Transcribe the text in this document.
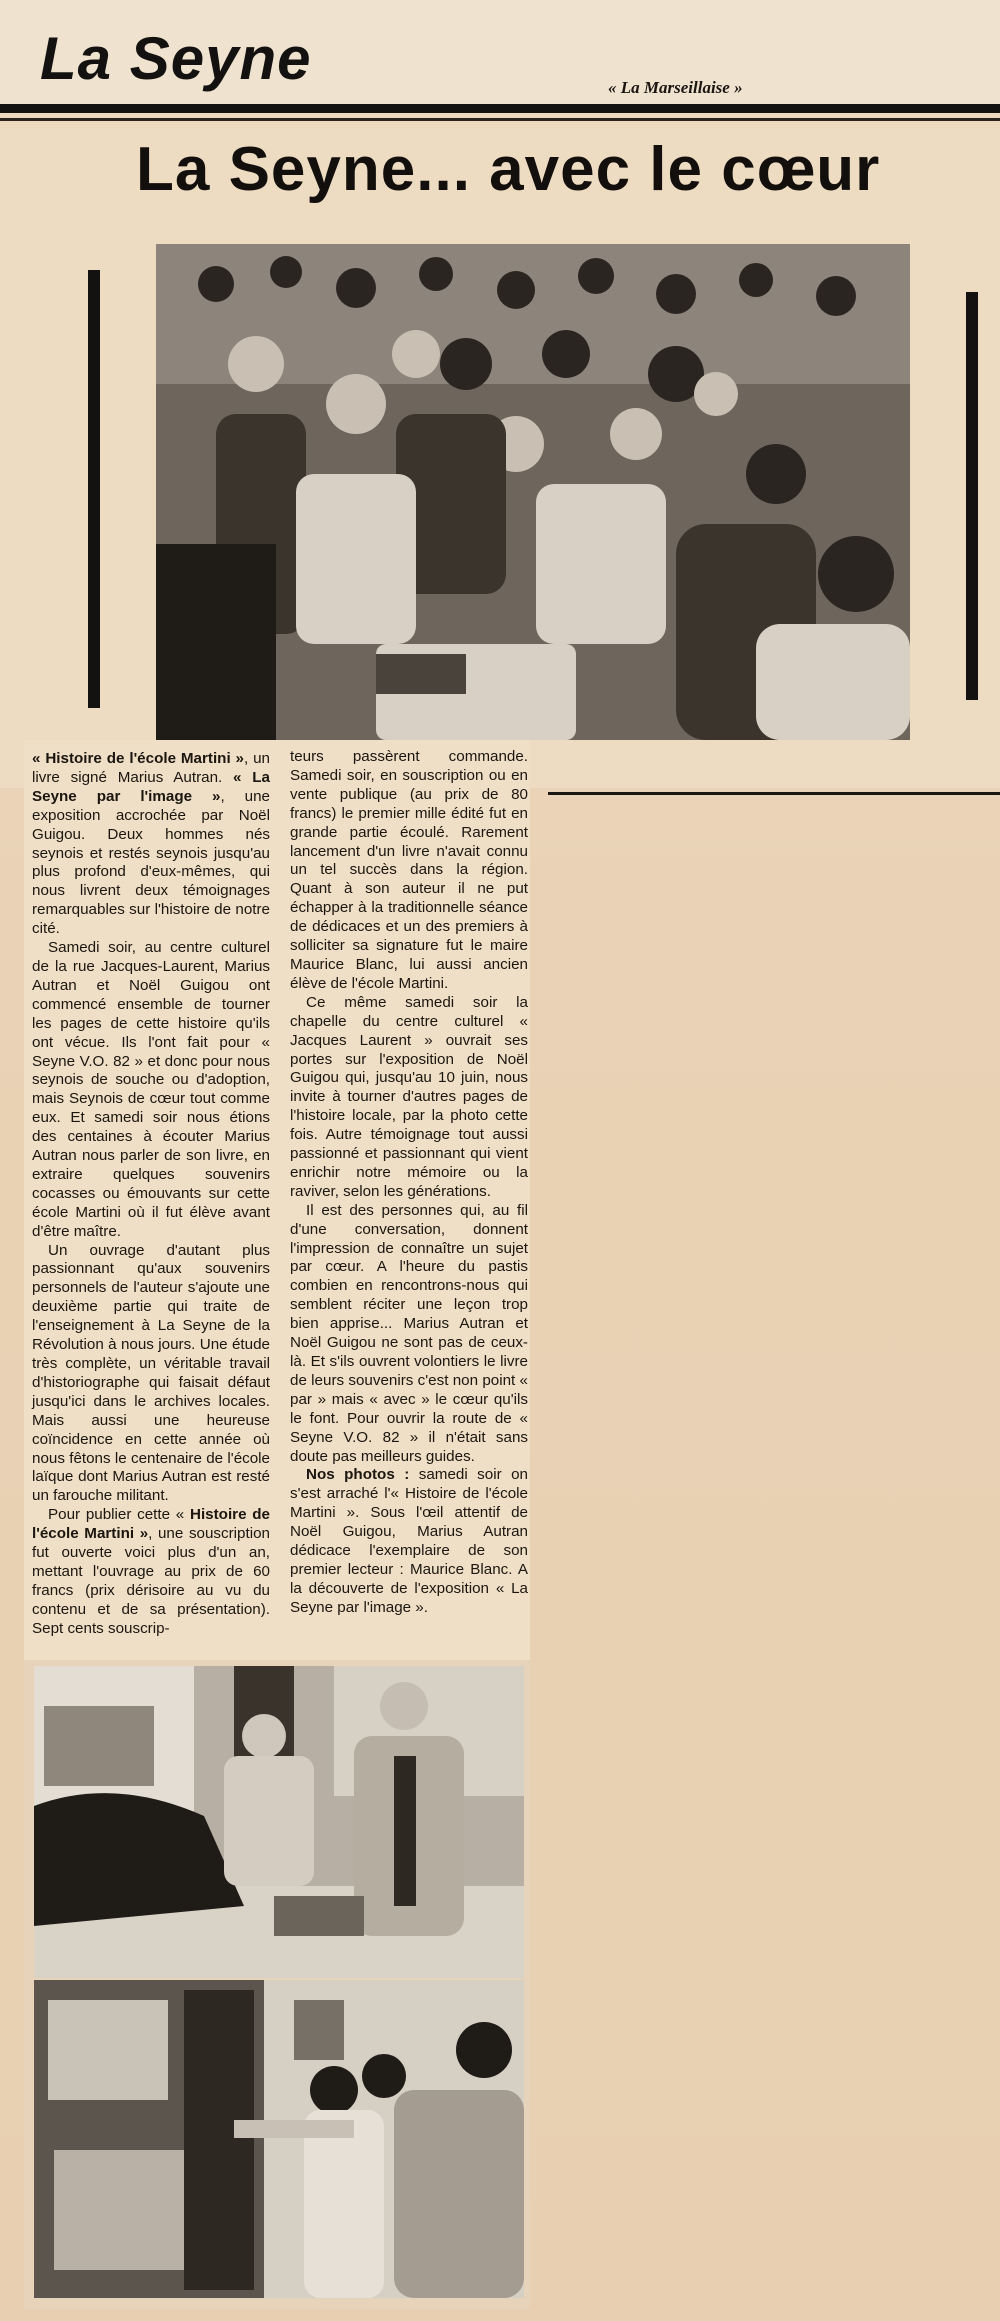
La Seyne	« La Marseillaise »
La Seyne... avec le cœur

« Histoire de l'école Martini », un livre signé Marius Autran. « La Seyne par l'image », une exposition accrochée par Noël Guigou. Deux hommes nés seynois et restés seynois jusqu'au plus profond d'eux-mêmes, qui nous livrent deux témoignages remarquables sur l'histoire de notre cité.

Samedi soir, au centre culturel de la rue Jacques-Laurent, Marius Autran et Noël Guigou ont commencé ensemble de tourner les pages de cette histoire qu'ils ont vécue. Ils l'ont fait pour « Seyne V.O. 82 » et donc pour nous seynois de souche ou d'adoption, mais Seynois de cœur tout comme eux. Et samedi soir nous étions des centaines à écouter Marius Autran nous parler de son livre, en extraire quelques souvenirs cocasses ou émouvants sur cette école Martini où il fut élève avant d'être maître.

Un ouvrage d'autant plus passionnant qu'aux souvenirs personnels de l'auteur s'ajoute une deuxième partie qui traite de l'enseignement à La Seyne de la Révolution à nous jours. Une étude très complète, un véritable travail d'historiographe qui faisait défaut jusqu'ici dans le archives locales. Mais aussi une heureuse coïncidence en cette année où nous fêtons le centenaire de l'école laïque dont Marius Autran est resté un farouche militant.

Pour publier cette « Histoire de l'école Martini », une souscription fut ouverte voici plus d'un an, mettant l'ouvrage au prix de 60 francs (prix dérisoire au vu du contenu et de sa présentation). Sept cents souscrip-

teurs passèrent commande. Samedi soir, en souscription ou en vente publique (au prix de 80 francs) le premier mille édité fut en grande partie écoulé. Rarement lancement d'un livre n'avait connu un tel succès dans la région. Quant à son auteur il ne put échapper à la traditionnelle séance de dédicaces et un des premiers à solliciter sa signature fut le maire Maurice Blanc, lui aussi ancien élève de l'école Martini.

Ce même samedi soir la chapelle du centre culturel « Jacques Laurent » ouvrait ses portes sur l'exposition de Noël Guigou qui, jusqu'au 10 juin, nous invite à tourner d'autres pages de l'histoire locale, par la photo cette fois. Autre témoignage tout aussi passionné et passionnant qui vient enrichir notre mémoire ou la raviver, selon les générations.

Il est des personnes qui, au fil d'une conversation, donnent l'impression de connaître un sujet par cœur. A l'heure du pastis combien en rencontrons-nous qui semblent réciter une leçon trop bien apprise... Marius Autran et Noël Guigou ne sont pas de ceux-là. Et s'ils ouvrent volontiers le livre de leurs souvenirs c'est non point « par » mais « avec » le cœur qu'ils le font. Pour ouvrir la route de « Seyne V.O. 82 » il n'était sans doute pas meilleurs guides.

Nos photos : samedi soir on s'est arraché l'« Histoire de l'école Martini ». Sous l'œil attentif de Noël Guigou, Marius Autran dédicace l'exemplaire de son premier lecteur : Maurice Blanc. A la découverte de l'exposition « La Seyne par l'image ».
